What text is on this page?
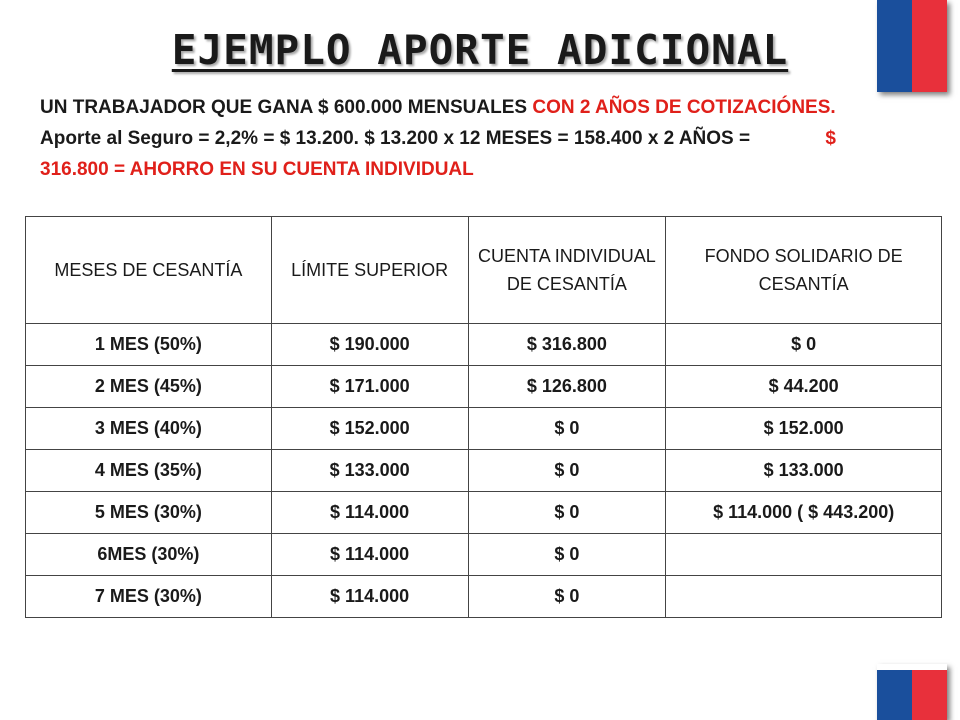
EJEMPLO APORTE ADICIONAL
UN TRABAJADOR QUE GANA $ 600.000 MENSUALES CON 2 AÑOS DE COTIZACIÓNES. Aporte al Seguro = 2,2% = $ 13.200. $ 13.200 x 12 MESES = 158.400 x 2 AÑOS =	$ 316.800 = AHORRO EN SU CUENTA INDIVIDUAL
MESES DE CESANTÍA	LÍMITE SUPERIOR	CUENTA INDIVIDUAL DE CESANTÍA	FONDO SOLIDARIO DE CESANTÍA
1 MES (50%)	$ 190.000	$ 316.800	$ 0
2 MES (45%)	$ 171.000	$ 126.800	$ 44.200
3 MES (40%)	$ 152.000	$ 0	$ 152.000
4 MES (35%)	$ 133.000	$ 0	$ 133.000
5 MES (30%)	$ 114.000	$ 0	$ 114.000 ( $ 443.200)
6MES (30%)	$ 114.000	$ 0	
7 MES (30%)	$ 114.000	$ 0	
